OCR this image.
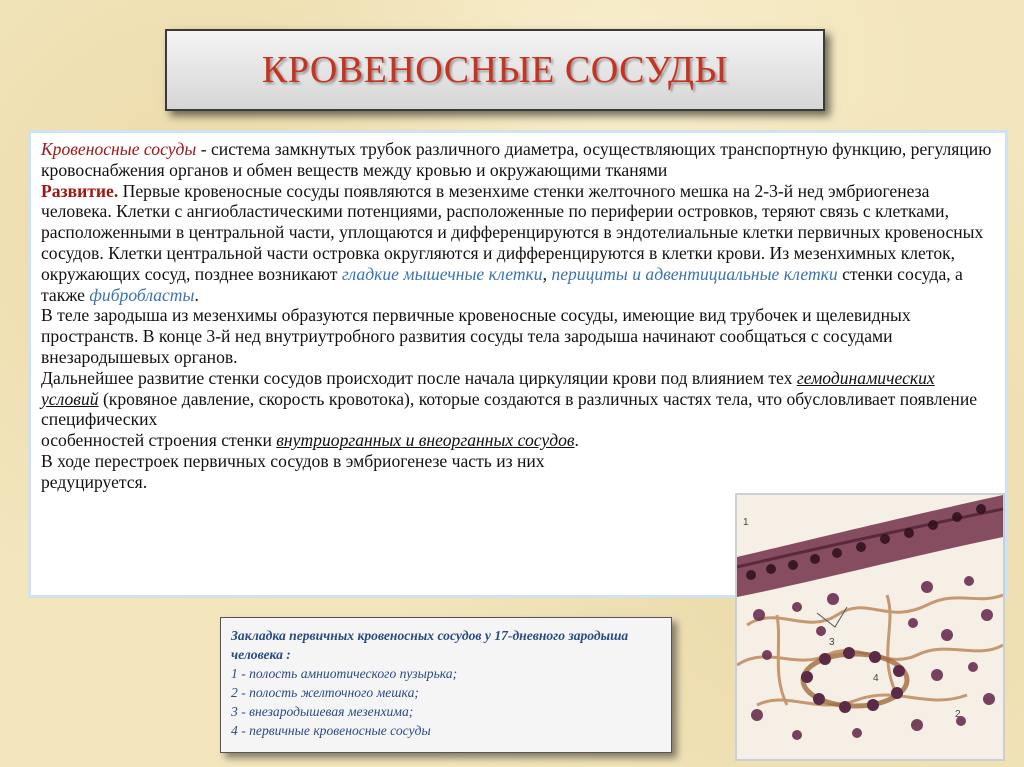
КРОВЕНОСНЫЕ СОСУДЫ

Кровеносные сосуды - система замкнутых трубок различного диаметра, осуществляющих транспортную функцию, регуляцию кровоснабжения органов и обмен веществ между кровью и окружающими тканями

Развитие. Первые кровеносные сосуды появляются в мезенхиме стенки желточного мешка на 2-3-й нед эмбриогенеза человека. Клетки с ангиобластическими потенциями, расположенные по периферии островков, теряют связь с клетками, расположенными в центральной части, уплощаются и дифференцируются в эндотелиальные клетки первичных кровеносных сосудов. Клетки центральной части островка округляются и дифференцируются в клетки крови. Из мезенхимных клеток, окружающих сосуд, позднее возникают гладкие мышечные клетки, перициты и адвентициальные клетки стенки сосуда, а также фибробласты.

В теле зародыша из мезенхимы образуются первичные кровеносные сосуды, имеющие вид трубочек и щелевидных пространств. В конце 3-й нед внутриутробного развития сосуды тела зародыша начинают сообщаться с сосудами внезародышевых органов.

Дальнейшее развитие стенки сосудов происходит после начала циркуляции крови под влиянием тех гемодинамических условий (кровяное давление, скорость кровотока), которые создаются в различных частях тела, что обусловливает появление специфических
особенностей строения стенки внутриорганных и внеорганных сосудов.

В ходе перестроек первичных сосудов в эмбриогенезе часть из них
редуцируется.

Закладка первичных кровеносных сосудов у 17-дневного зародыша человека :
1 - полость амниотического пузырька;
2 - полость желточного мешка;
3 - внезародышевая мезенхима;
4 - первичные кровеносные сосуды
1
2
3
4
